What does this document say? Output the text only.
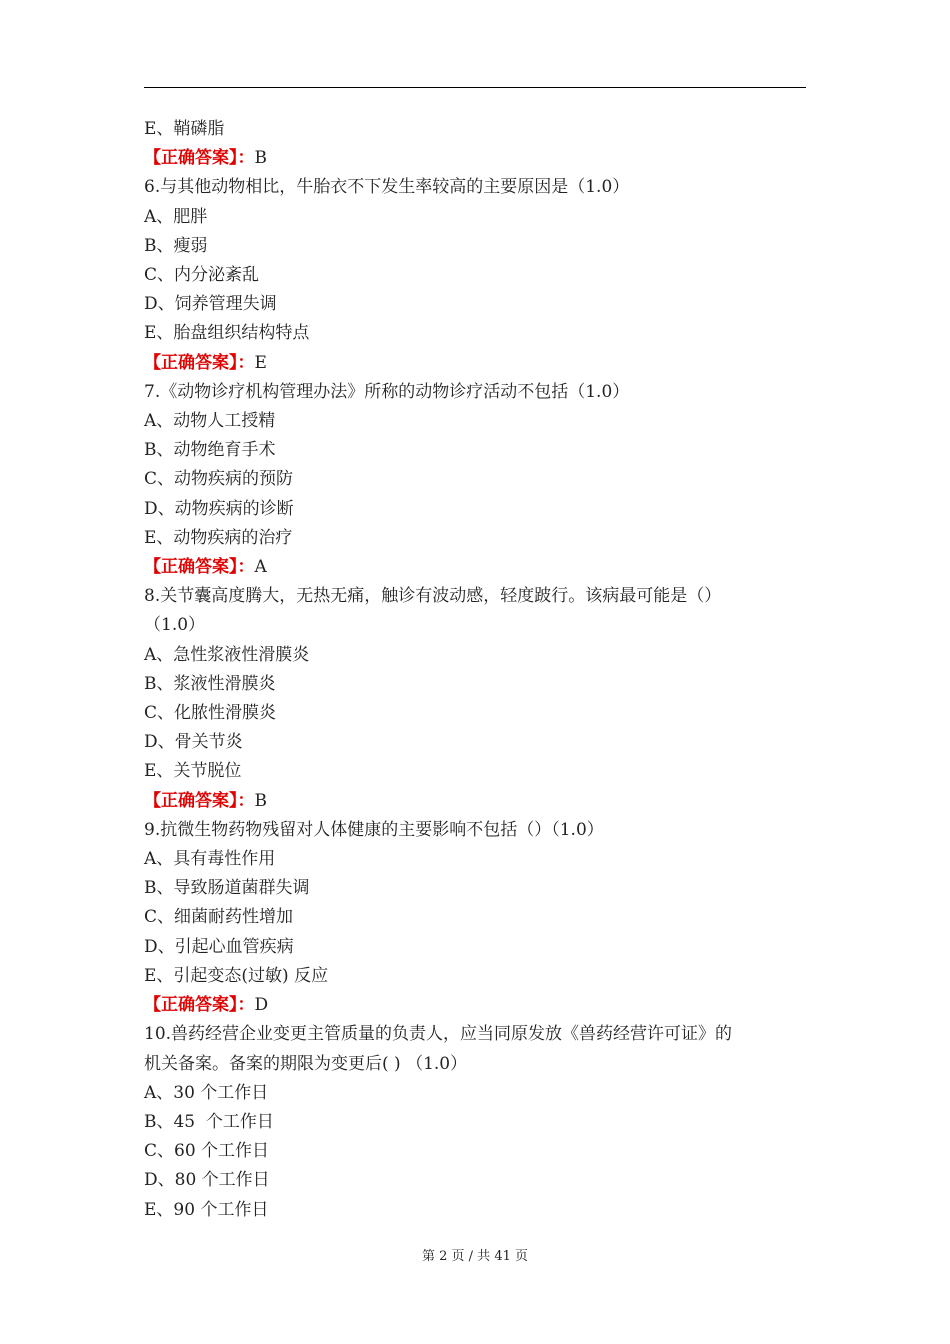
E、鞘磷脂
【正确答案】：B
6.与其他动物相比，牛胎衣不下发生率较高的主要原因是（1.0）
A、肥胖
B、瘦弱
C、内分泌紊乱
D、饲养管理失调
E、胎盘组织结构特点
【正确答案】：E
7.《动物诊疗机构管理办法》所称的动物诊疗活动不包括（1.0）
A、动物人工授精
B、动物绝育手术
C、动物疾病的预防
D、动物疾病的诊断
E、动物疾病的治疗
【正确答案】：A
8.关节囊高度腾大，无热无痛，触诊有波动感，轻度跛行。该病最可能是（）
（1.0）
A、急性浆液性滑膜炎
B、浆液性滑膜炎
C、化脓性滑膜炎
D、骨关节炎
E、关节脱位
【正确答案】：B
9.抗微生物药物残留对人体健康的主要影响不包括（）（1.0）
A、具有毒性作用
B、导致肠道菌群失调
C、细菌耐药性增加
D、引起心血管疾病
E、引起变态(过敏) 反应
【正确答案】：D
10.兽药经营企业变更主管质量的负责人，应当同原发放《兽药经营许可证》的
机关备案。备案的期限为变更后( ) （1.0）
A、30 个工作日
B、45  个工作日
C、60 个工作日
D、80 个工作日
E、90 个工作日
第 2 页 / 共 41 页
